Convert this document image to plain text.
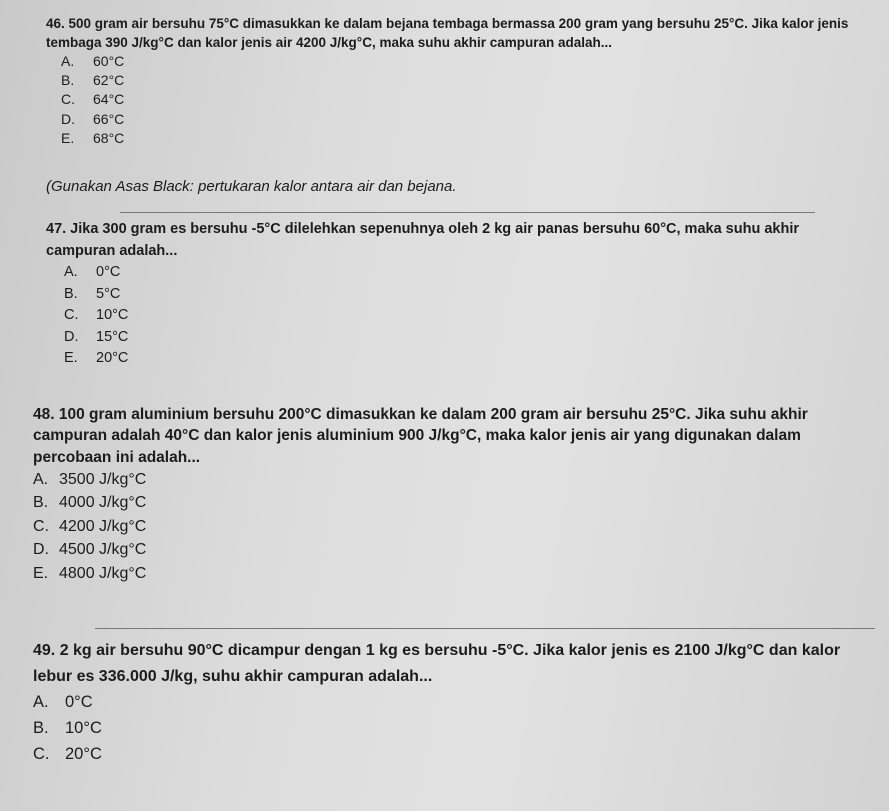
46. 500 gram air bersuhu 75°C dimasukkan ke dalam bejana tembaga bermassa 200 gram yang bersuhu 25°C. Jika kalor jenis tembaga 390 J/kg°C dan kalor jenis air 4200 J/kg°C, maka suhu akhir campuran adalah...
A.	60°C
B.	62°C
C.	64°C
D.	66°C
E.	68°C
(Gunakan Asas Black: pertukaran kalor antara air dan bejana.
47. Jika 300 gram es bersuhu -5°C dilelehkan sepenuhnya oleh 2 kg air panas bersuhu 60°C, maka suhu akhir campuran adalah...
A.	0°C
B.	5°C
C.	10°C
D.	15°C
E.	20°C
48. 100 gram aluminium bersuhu 200°C dimasukkan ke dalam 200 gram air bersuhu 25°C. Jika suhu akhir campuran adalah 40°C dan kalor jenis aluminium 900 J/kg°C, maka kalor jenis air yang digunakan dalam percobaan ini adalah...
A. 3500 J/kg°C
B. 4000 J/kg°C
C. 4200 J/kg°C
D. 4500 J/kg°C
E. 4800 J/kg°C
49. 2 kg air bersuhu 90°C dicampur dengan 1 kg es bersuhu -5°C. Jika kalor jenis es 2100 J/kg°C dan kalor lebur es 336.000 J/kg, suhu akhir campuran adalah...
A. 0°C
B. 10°C
C. 20°C
